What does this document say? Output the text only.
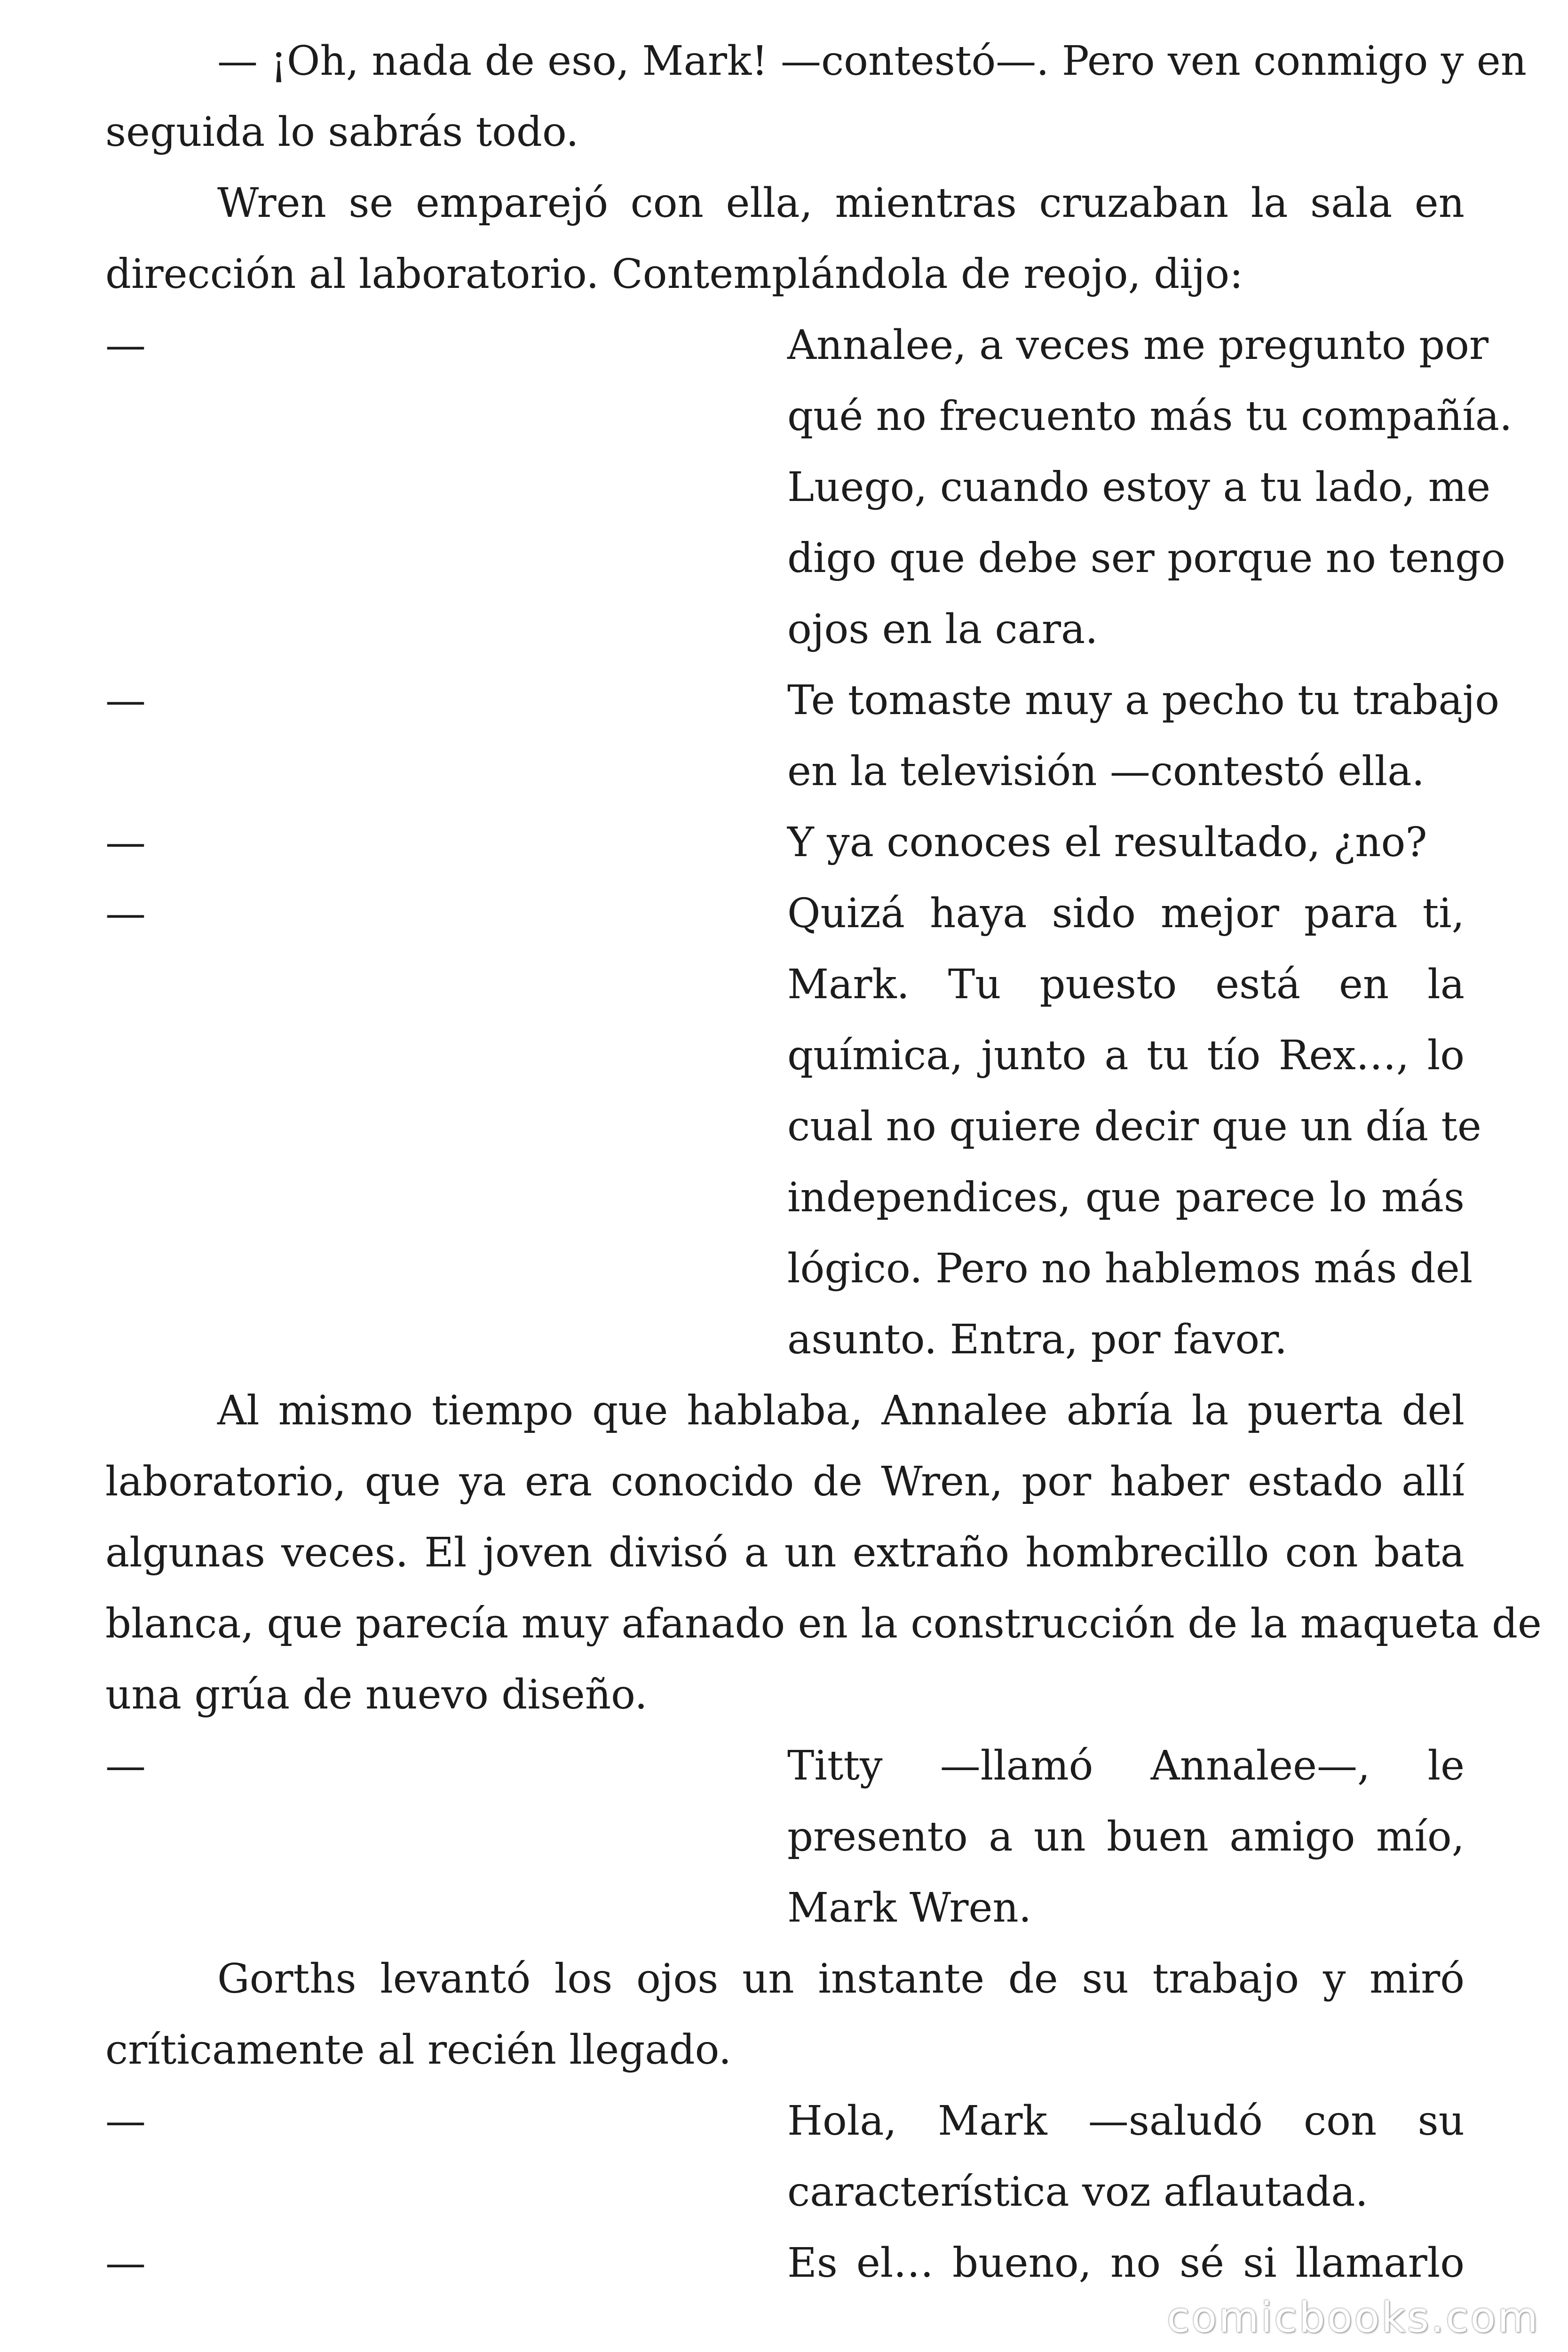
— ¡Oh, nada de eso, Mark! —contestó—. Pero ven conmigo y en
seguida lo sabrás todo.
Wren se emparejó con ella, mientras cruzaban la sala en
dirección al laboratorio. Contemplándola de reojo, dijo:
—	Annalee, a veces me pregunto por
qué no frecuento más tu compañía.
Luego, cuando estoy a tu lado, me
digo que debe ser porque no tengo
ojos en la cara.
—	Te tomaste muy a pecho tu trabajo
en la televisión —contestó ella.
—	Y ya conoces el resultado, ¿no?
—	Quizá haya sido mejor para ti,
Mark. Tu puesto está en la
química, junto a tu tío Rex…, lo
cual no quiere decir que un día te
independices, que parece lo más
lógico. Pero no hablemos más del
asunto. Entra, por favor.
Al mismo tiempo que hablaba, Annalee abría la puerta del
laboratorio, que ya era conocido de Wren, por haber estado allí
algunas veces. El joven divisó a un extraño hombrecillo con bata
blanca, que parecía muy afanado en la construcción de la maqueta de
una grúa de nuevo diseño.
—	Titty —llamó Annalee—, le
presento a un buen amigo mío,
Mark Wren.
Gorths levantó los ojos un instante de su trabajo y miró
críticamente al recién llegado.
—	Hola, Mark —saludó con su
característica voz aflautada.
—	Es el… bueno, no sé si llamarlo
comicbooks.com
